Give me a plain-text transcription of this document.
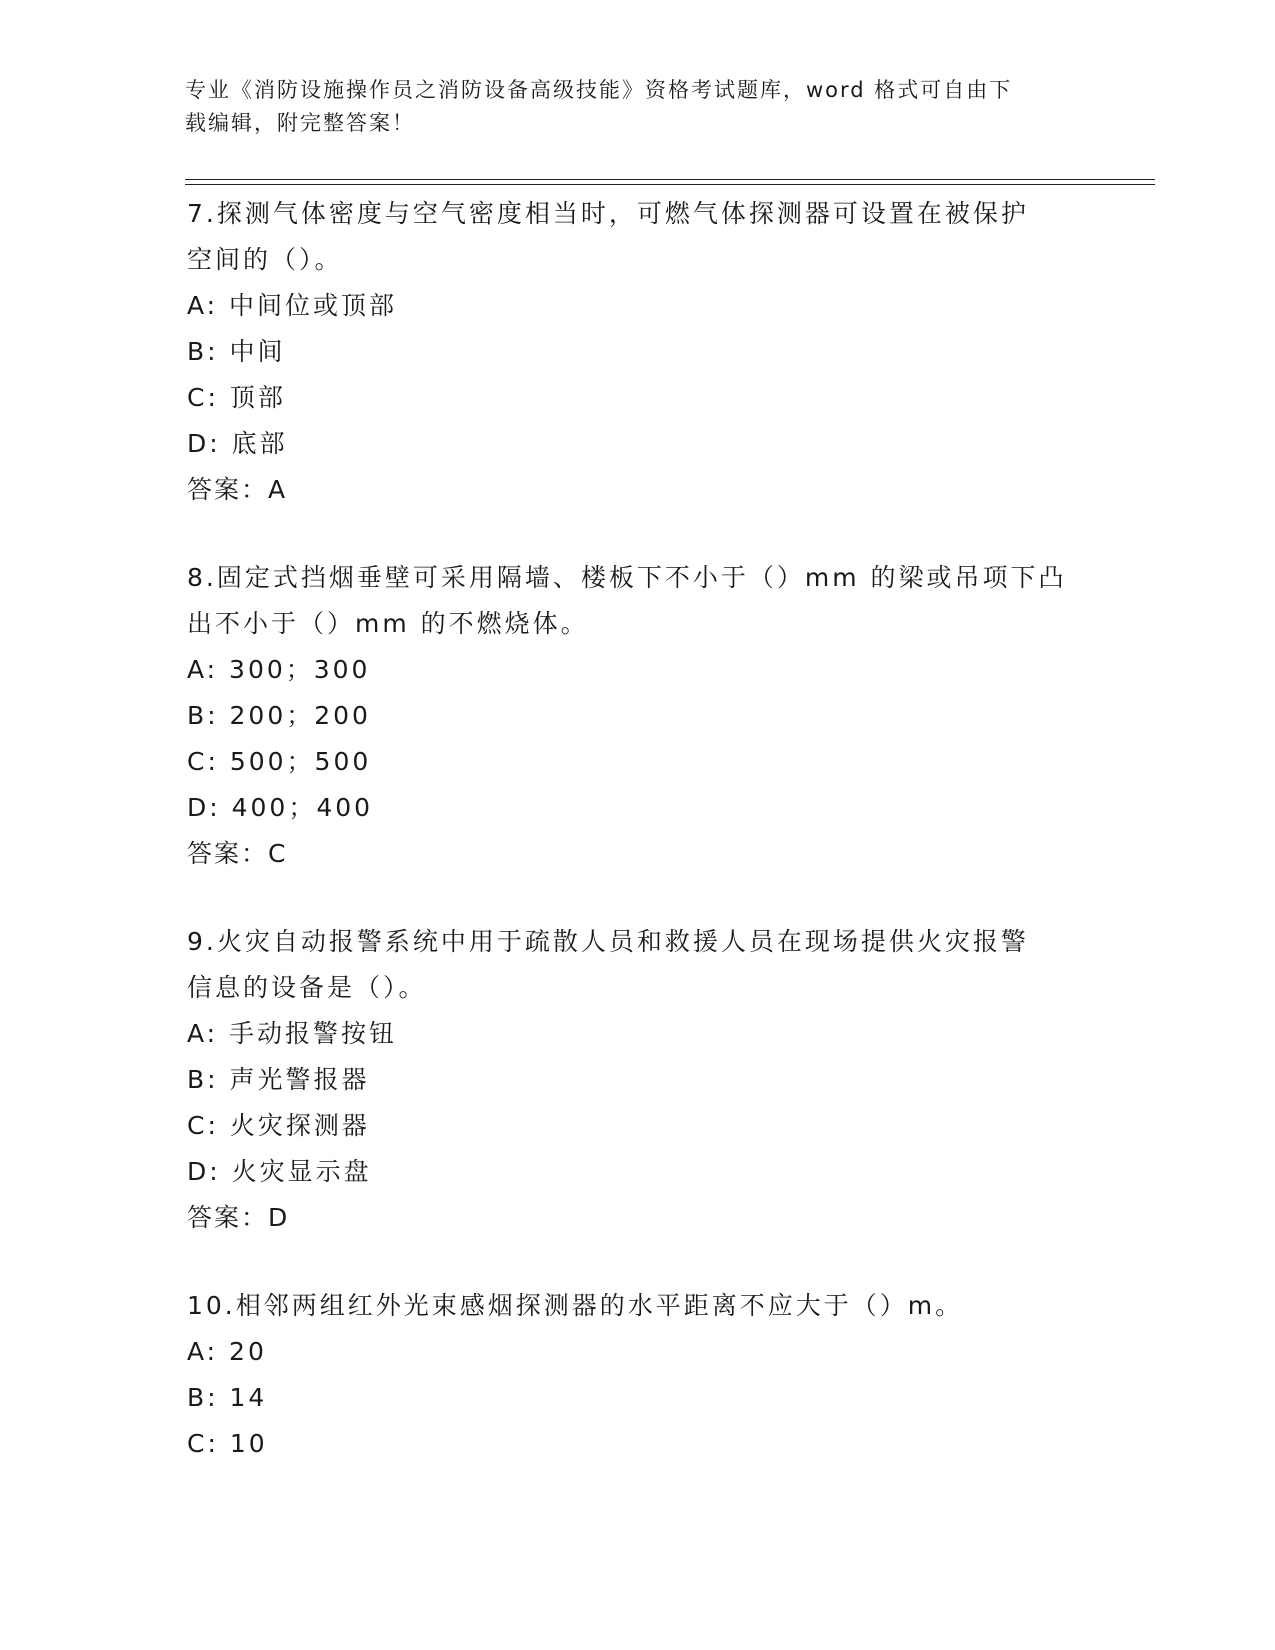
专业《消防设施操作员之消防设备高级技能》资格考试题库，word 格式可自由下
载编辑，附完整答案！
7.探测气体密度与空气密度相当时，可燃气体探测器可设置在被保护
空间的（）。
A: 中间位或顶部
B: 中间
C: 顶部
D: 底部
答案：A
8.固定式挡烟垂壁可采用隔墙、楼板下不小于（）mm 的梁或吊项下凸
出不小于（）mm 的不燃烧体。
A: 300；300
B: 200；200
C: 500；500
D: 400；400
答案：C
9.火灾自动报警系统中用于疏散人员和救援人员在现场提供火灾报警
信息的设备是（）。
A: 手动报警按钮
B: 声光警报器
C: 火灾探测器
D: 火灾显示盘
答案：D
10.相邻两组红外光束感烟探测器的水平距离不应大于（）m。
A: 20
B: 14
C: 10
